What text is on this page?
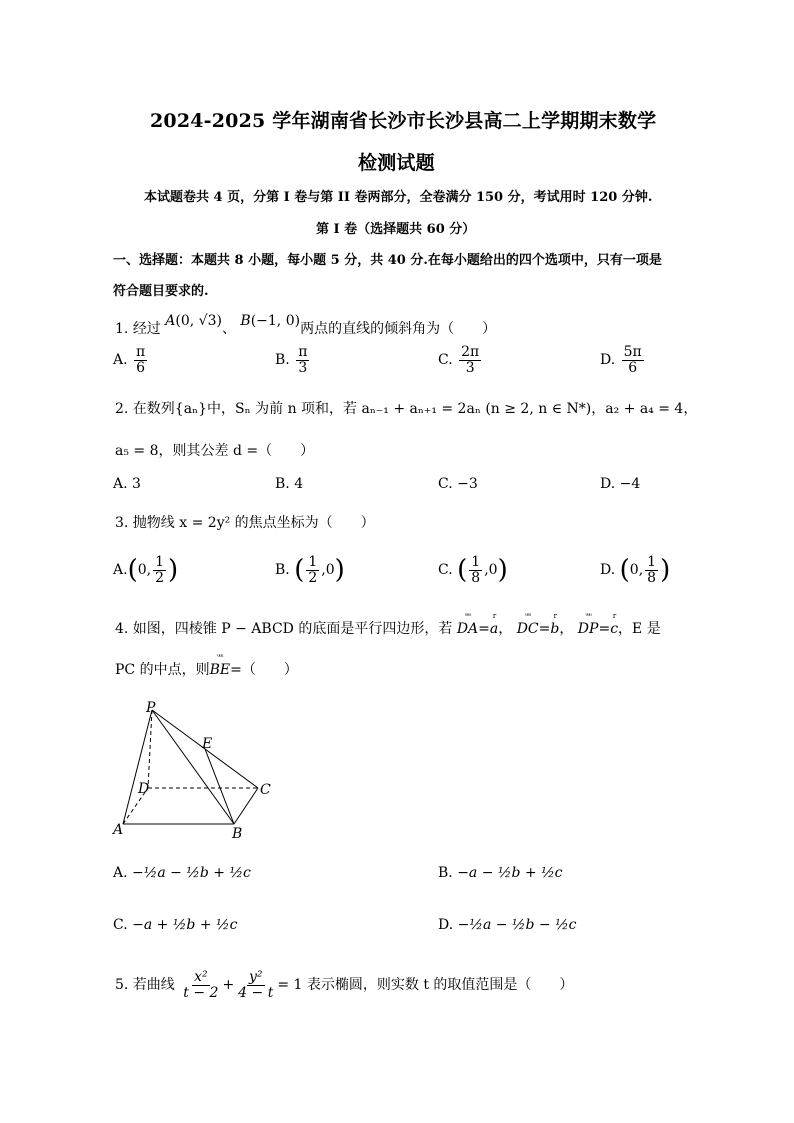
2024-2025 学年湖南省长沙市长沙县高二上学期期末数学
检测试题
本试题卷共 4 页，分第 I 卷与第 II 卷两部分，全卷满分 150 分，考试用时 120 分钟.
第 I 卷（选择题共 60 分）
一、选择题：本题共 8 小题，每小题 5 分，共 40 分.在每小题给出的四个选项中，只有一项是
符合题目要求的.
1. 经过 A(0, √3)、 B(−1, 0)两点的直线的倾斜角为（　　）
A. $\frac{\pi}{6}$	B. $\frac{\pi}{3}$	C. $\frac{2\pi}{3}$	D. $\frac{5\pi}{6}$
2. 在数列{aₙ}中，Sₙ 为前 n 项和，若 aₙ₋₁ + aₙ₊₁ = 2aₙ (n ≥ 2, n ∈ N*)，a₂ + a₄ = 4，
a₅ = 8，则其公差 d =（　　）
A. 3	B. 4	C. −3	D. −4
3. 抛物线 x = 2y² 的焦点坐标为（　　）
A.(0, $\frac{1}{2}$ )	B. ( $\frac{1}{2} ,0$)	C. ( $\frac{1}{8} ,0$)	D. (0, $\frac{1}{8}$ )
4. 如图，四棱锥 P − ABCD 的底面是平行四边形，若
ᵘᵘᵘ
DA=
r
a，
ᵘᵘᵘ
DC=
r
b，
ᵘᵘᵘ
DP=
r
c，E 是
PC 的中点，则
ᵘᵘᵘ
BE=（　　）
P
E
D	C
A	B
A. −½a − ½b + ½c	B. −a − ½b + ½c
C. −a + ½b + ½c	D. −½a − ½b − ½c
5. 若曲线 $\frac{\text{x²}}{t - 2} + \frac{\text{y²}}{4 - t} = 1$ 表示椭圆，则实数 t 的取值范围是（　　）
